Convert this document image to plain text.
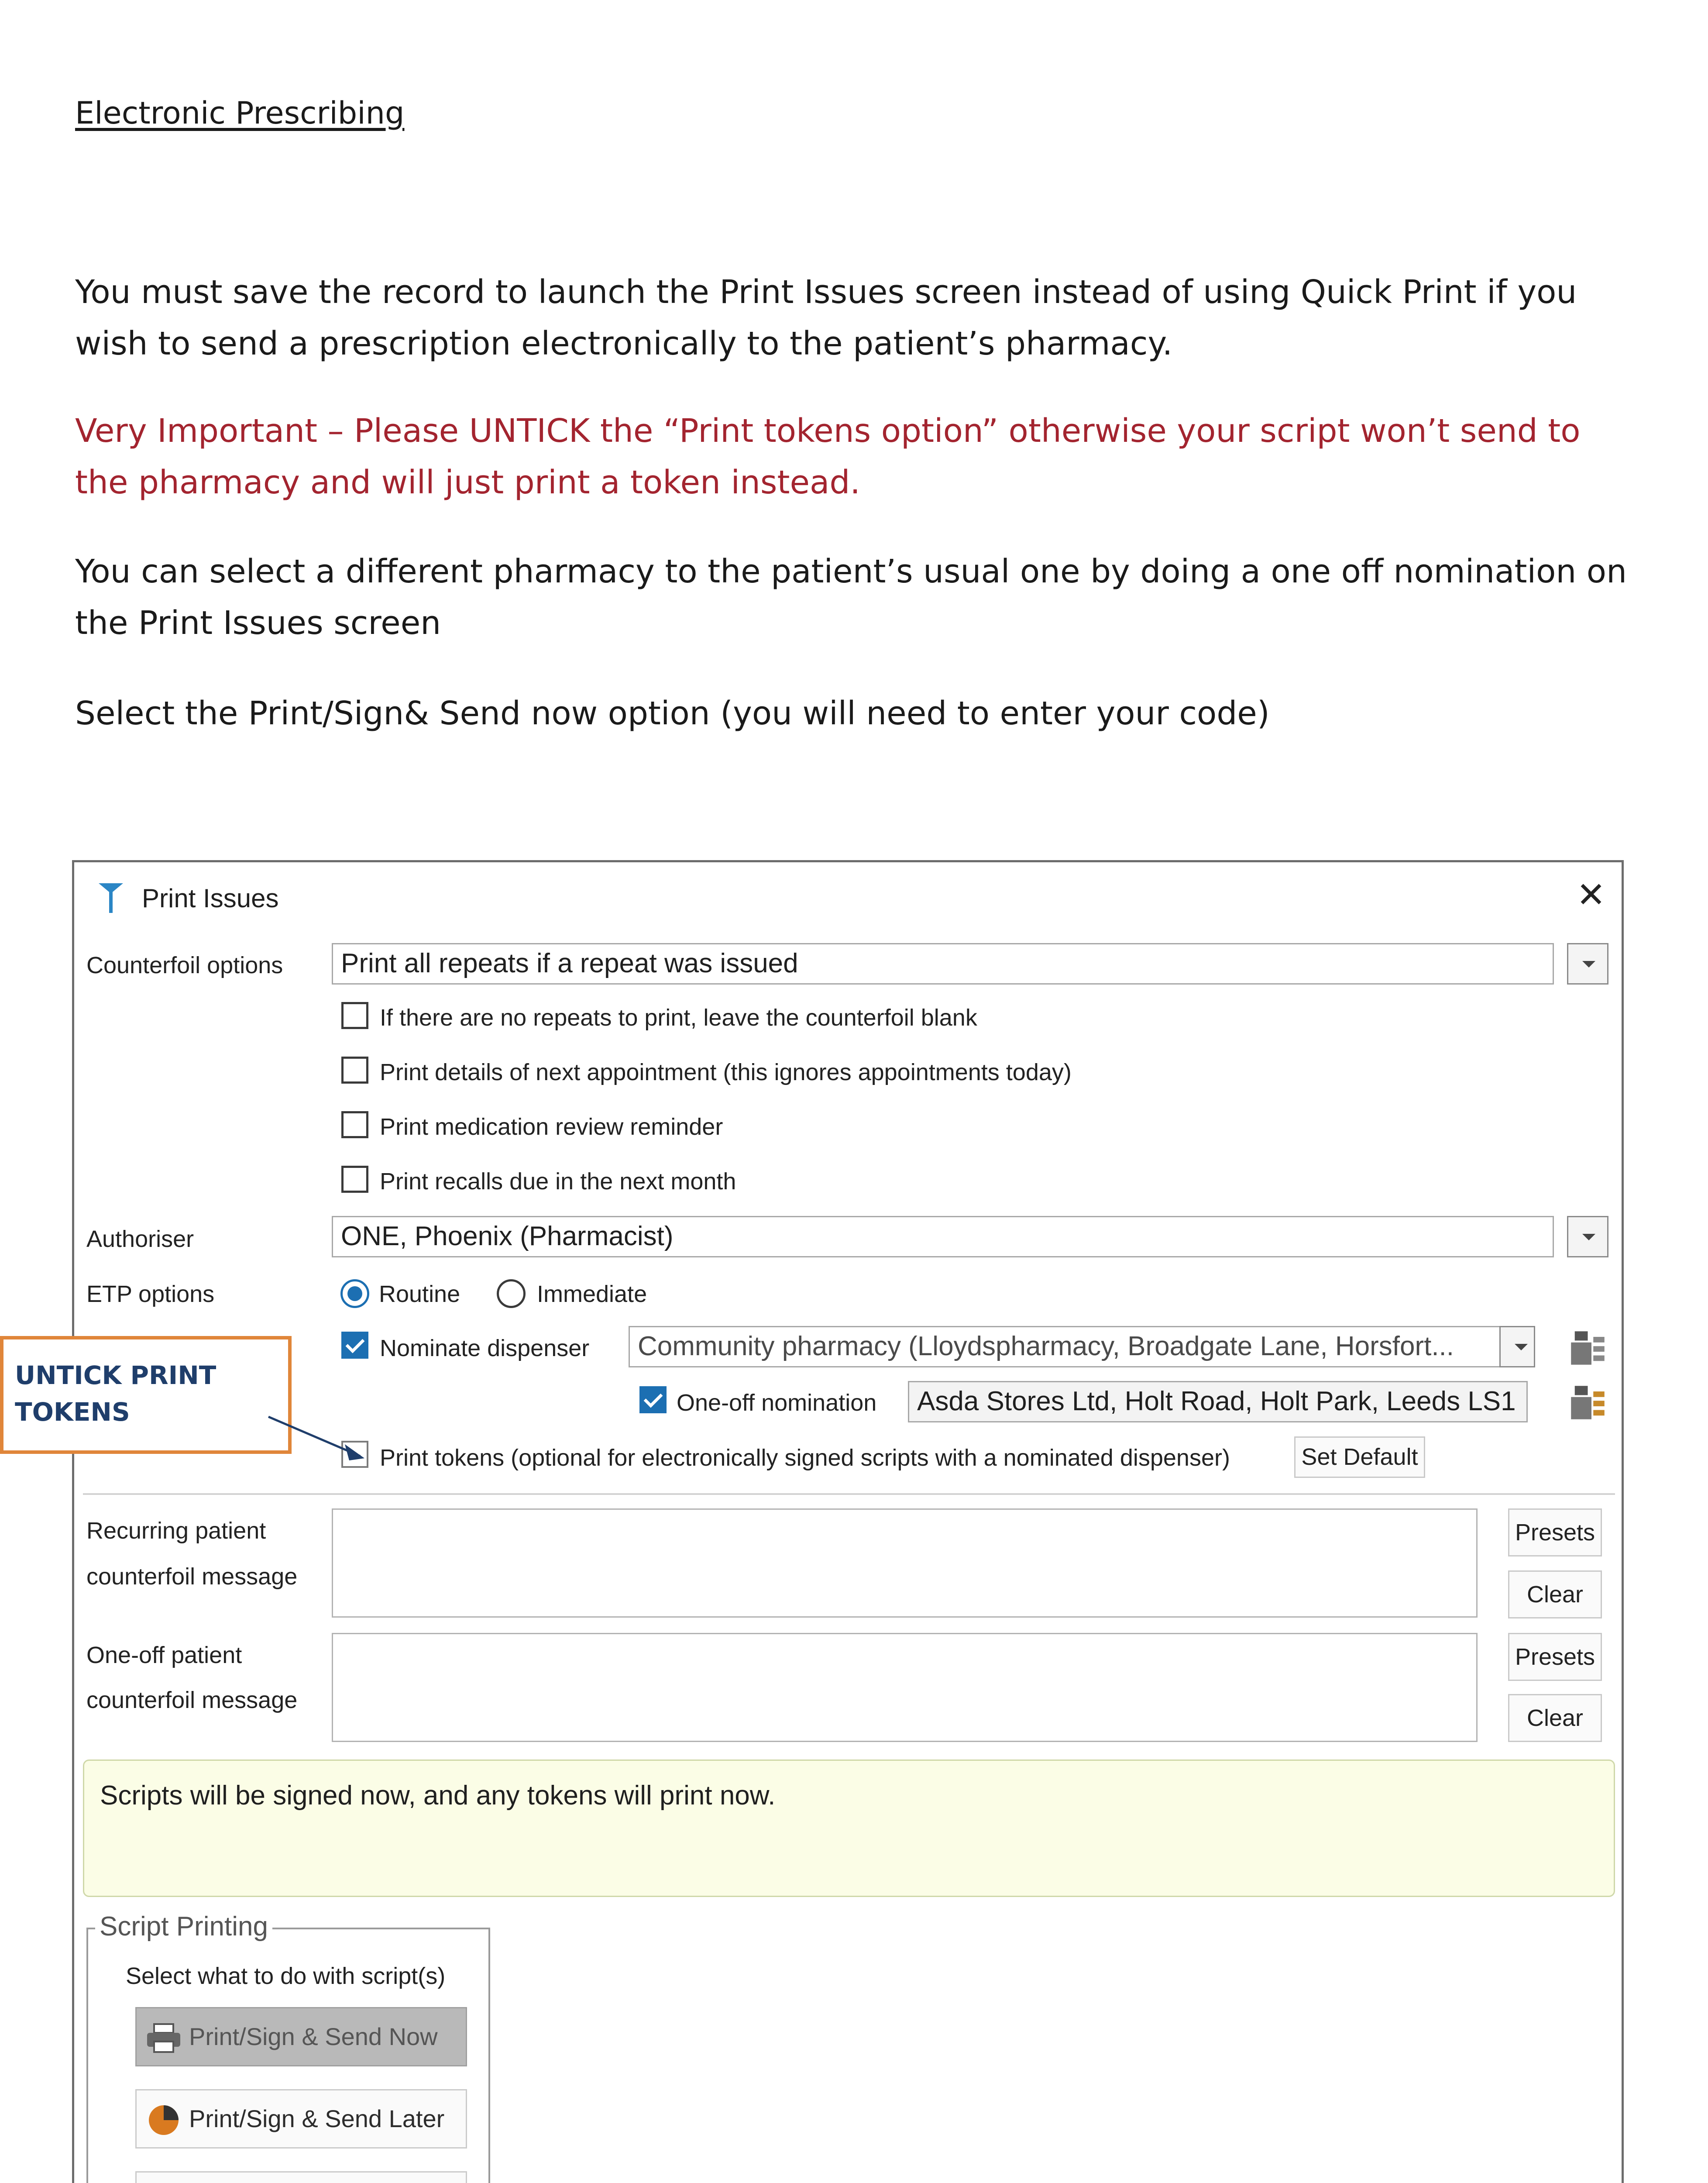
Electronic Prescribing

You must save the record to launch the Print Issues screen instead of using Quick Print if you wish to send a prescription electronically to the patient’s pharmacy.

Very Important – Please UNTICK the “Print tokens option” otherwise your script won’t send to the pharmacy and will just print a token instead.

You can select a different pharmacy to the patient’s usual one by doing a one off nomination on the Print Issues screen

Select the Print/Sign& Send now option (you will need to enter your code)

Print Issues	✕
Counterfoil options	Print all repeats if a repeat was issued
If there are no repeats to print, leave the counterfoil blank
Print details of next appointment (this ignores appointments today)
Print medication review reminder
Print recalls due in the next month
Authoriser	ONE, Phoenix (Pharmacist)
ETP options	Routine	Immediate
Nominate dispenser	Community pharmacy (Lloydspharmacy, Broadgate Lane, Horsfort...
One-off nomination	Asda Stores Ltd, Holt Road, Holt Park, Leeds LS1
Print tokens (optional for electronically signed scripts with a nominated dispenser)	Set Default
Recurring patient
counterfoil message
Presets
Clear
One-off patient
counterfoil message
Presets
Clear
Scripts will be signed now, and any tokens will print now.
Script Printing
Select what to do with script(s)
Print/Sign & Send Now
Print/Sign & Send Later
UNTICK PRINT
TOKENS
